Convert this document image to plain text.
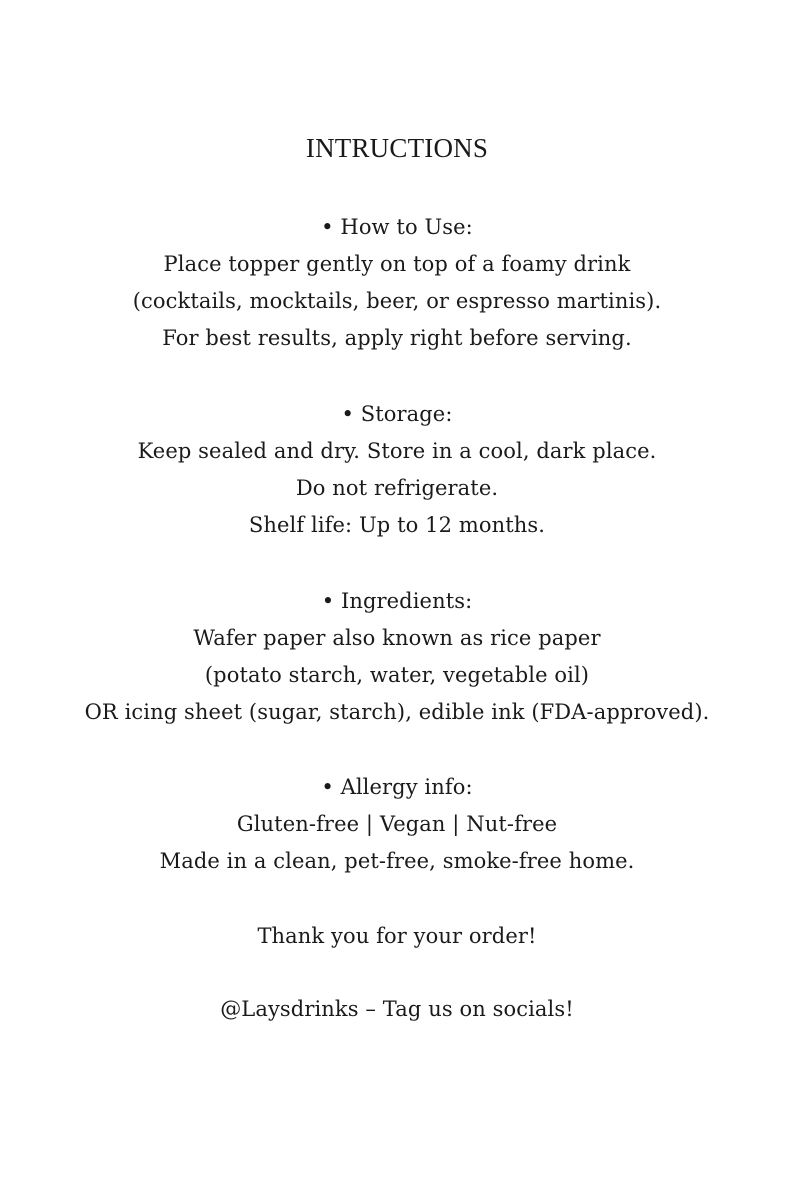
INTRUCTIONS
• How to Use:
Place topper gently on top of a foamy drink
(cocktails, mocktails, beer, or espresso martinis).
For best results, apply right before serving.
• Storage:
Keep sealed and dry. Store in a cool, dark place.
Do not refrigerate.
Shelf life: Up to 12 months.
• Ingredients:
Wafer paper also known as rice paper
(potato starch, water, vegetable oil)
OR icing sheet (sugar, starch), edible ink (FDA-approved).
• Allergy info:
Gluten-free | Vegan | Nut-free
Made in a clean, pet-free, smoke-free home.
Thank you for your order!
@Laysdrinks – Tag us on socials!
